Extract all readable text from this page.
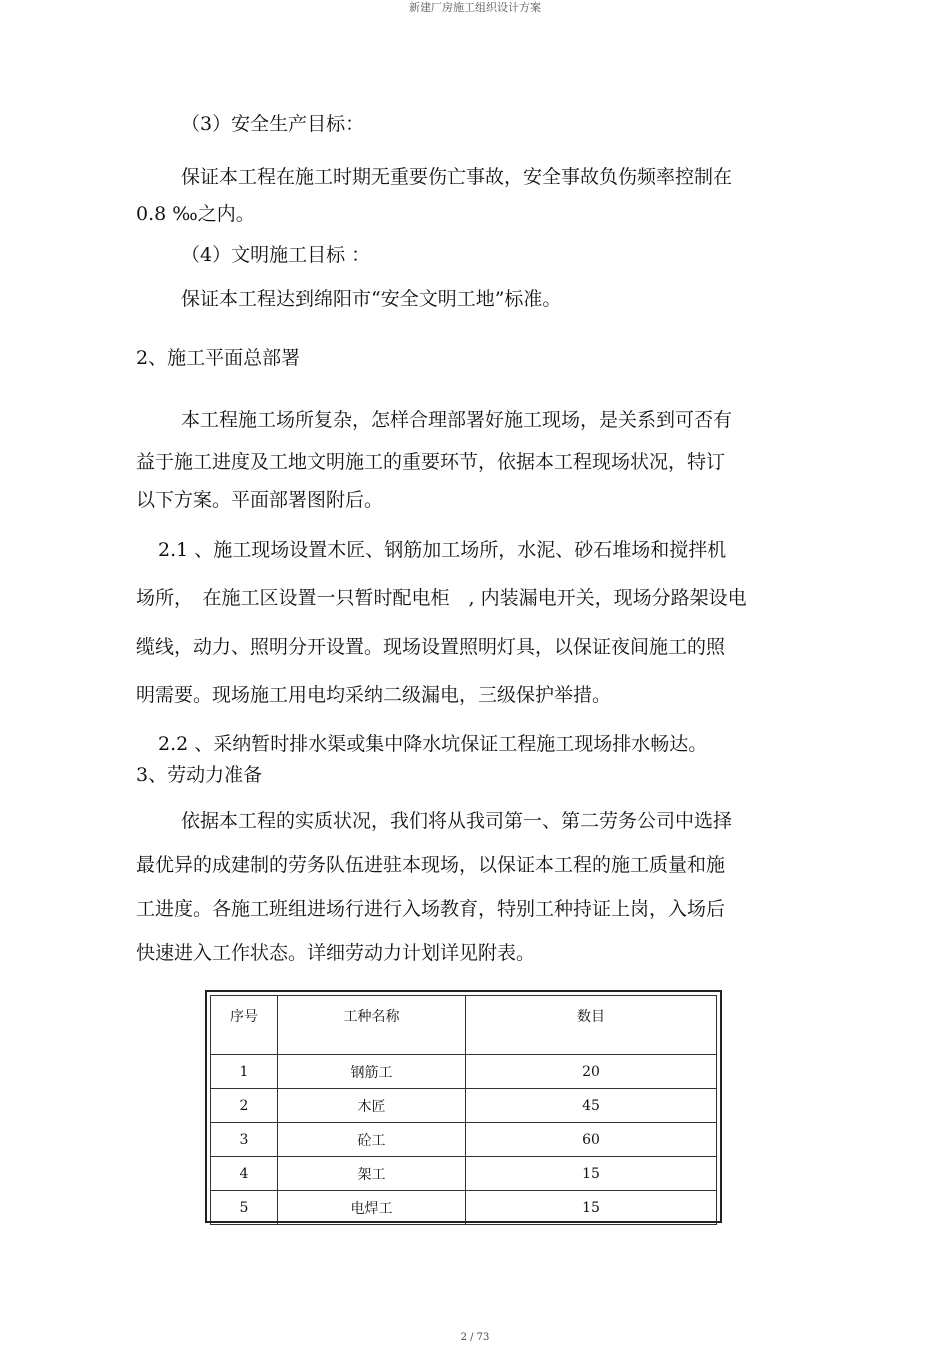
新建厂房施工组织设计方案

（3）安全生产目标：

保证本工程在施工时期无重要伤亡事故，安全事故负伤频率控制在

0.8 ‰之内。

（4）文明施工目标 ：

保证本工程达到绵阳市“安全文明工地”标准。

2、施工平面总部署

本工程施工场所复杂，怎样合理部署好施工现场，是关系到可否有

益于施工进度及工地文明施工的重要环节，依据本工程现场状况，特订

以下方案。平面部署图附后。

2.1 、施工现场设置木匠、钢筋加工场所，水泥、砂石堆场和搅拌机

场所，　在施工区设置一只暂时配电柜　, 内装漏电开关，现场分路架设电

缆线，动力、照明分开设置。现场设置照明灯具，以保证夜间施工的照

明需要。现场施工用电均采纳二级漏电，三级保护举措。

2.2 、采纳暂时排水渠或集中降水坑保证工程施工现场排水畅达。

3、劳动力准备

依据本工程的实质状况，我们将从我司第一、第二劳务公司中选择

最优异的成建制的劳务队伍进驻本现场，以保证本工程的施工质量和施

工进度。各施工班组进场行进行入场教育，特别工种持证上岗，入场后

快速进入工作状态。详细劳动力计划详见附表。

序号	工种名称	数目
1	钢筋工	20
2	木匠	45
3	砼工	60
4	架工	15
5	电焊工	15
2 / 73
